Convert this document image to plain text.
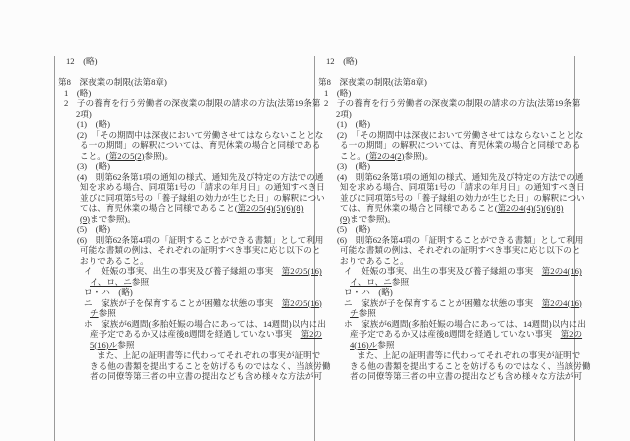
12　(略)
第8　深夜業の制限(法第8章)
1　(略)
2　子の養育を行う労働者の深夜業の制限の請求の方法(法第19条第
2項)
(1)　(略)
(2)　「その期間中は深夜において労働させてはならないこととな
る一の期間」の解釈については、育児休業の場合と同様である
こと。(第2の5(2)参照)。
(3)　(略)
(4)　則第62条第1項の通知の様式、通知先及び特定の方法での通
知を求める場合、同項第1号の「請求の年月日」の通知すべき日
並びに同項第5号の「養子縁組の効力が生じた日」の解釈につい
ては、育児休業の場合と同様であること(第2の5(4)(5)(6)(8)
(9)まで参照)。
(5)　(略)
(6)　則第62条第4項の「証明することができる書類」として利用
可能な書類の例は、それぞれの証明すべき事実に応じ以下のと
おりであること。
イ　妊娠の事実、出生の事実及び養子縁組の事実　第2の5(16)
イ、ロ、ニ参照
ロ・ハ　(略)
ニ　家族が子を保育することが困難な状態の事実　第2の5(16)
チ参照
ホ　家族が6週間(多胎妊娠の場合にあっては、14週間)以内に出
産予定であるか又は産後8週間を経過していない事実　第2の
5(16)ル参照
また、上記の証明書等に代わってそれぞれの事実が証明で
きる他の書類を提出することを妨げるものではなく、当該労働
者の同僚等第三者の申立書の提出なども含め様々な方法が可
12　(略)
第8　深夜業の制限(法第8章)
1　(略)
2　子の養育を行う労働者の深夜業の制限の請求の方法(法第19条第
2項)
(1)　(略)
(2)　「その期間中は深夜において労働させてはならないこととな
る一の期間」の解釈については、育児休業の場合と同様である
こと。(第2の4(2)参照)。
(3)　(略)
(4)　則第62条第1項の通知の様式、通知先及び特定の方法での通
知を求める場合、同項第1号の「請求の年月日」の通知すべき日
並びに同項第5号の「養子縁組の効力が生じた日」の解釈につい
ては、育児休業の場合と同様であること(第2の4(4)(5)(6)(8)
(9)まで参照)。
(5)　(略)
(6)　則第62条第4項の「証明することができる書類」として利用
可能な書類の例は、それぞれの証明すべき事実に応じ以下のと
おりであること。
イ　妊娠の事実、出生の事実及び養子縁組の事実　第2の4(16)
イ、ロ、ニ参照
ロ・ハ　(略)
ニ　家族が子を保育することが困難な状態の事実　第2の4(16)
チ参照
ホ　家族が6週間(多胎妊娠の場合にあっては、14週間)以内に出
産予定であるか又は産後8週間を経過していない事実　第2の
4(16)ル参照
また、上記の証明書等に代わってそれぞれの事実が証明で
きる他の書類を提出することを妨げるものではなく、当該労働
者の同僚等第三者の申立書の提出なども含め様々な方法が可
